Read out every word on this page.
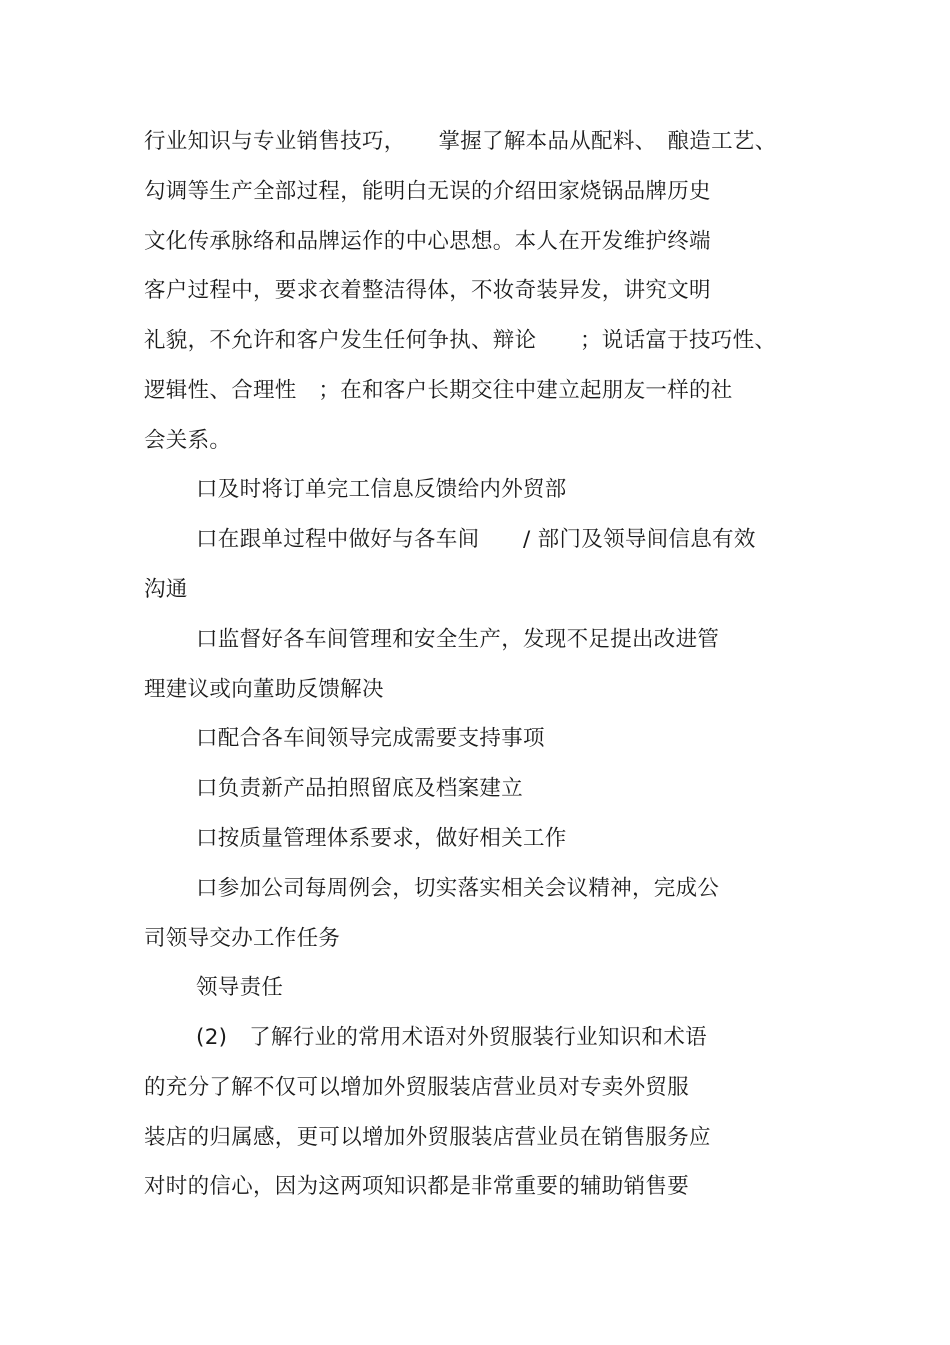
行业知识与专业销售技巧，　　掌握了解本品从配料、　酿造工艺、
勾调等生产全部过程，能明白无误的介绍田家烧锅品牌历史
文化传承脉络和品牌运作的中心思想。本人在开发维护终端
客户过程中，要求衣着整洁得体，不妆奇装异发，讲究文明
礼貌，不允许和客户发生任何争执、辩论　　；说话富于技巧性、
逻辑性、合理性　；在和客户长期交往中建立起朋友一样的社
会关系。
口及时将订单完工信息反馈给内外贸部
口在跟单过程中做好与各车间　　/ 部门及领导间信息有效
沟通
口监督好各车间管理和安全生产，发现不足提出改进管
理建议或向董助反馈解决
口配合各车间领导完成需要支持事项
口负责新产品拍照留底及档案建立
口按质量管理体系要求，做好相关工作
口参加公司每周例会，切实落实相关会议精神，完成公
司领导交办工作任务
领导责任
(2)　了解行业的常用术语对外贸服装行业知识和术语
的充分了解不仅可以增加外贸服装店营业员对专卖外贸服
装店的归属感，更可以增加外贸服装店营业员在销售服务应
对时的信心，因为这两项知识都是非常重要的辅助销售要
